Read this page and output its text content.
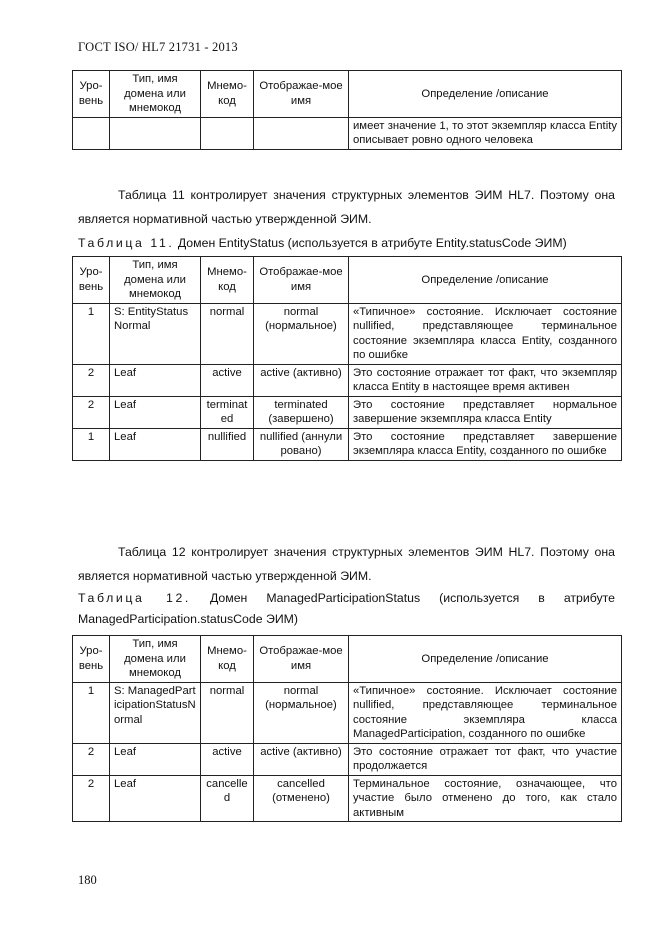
ГОСТ ISO/ HL7 21731 - 2013
Уро-вень	Тип, имя домена или мнемокод	Мнемо-код	Отображае-мое имя	Определение /описание
				имеет значение 1, то этот экземпляр класса Entity описывает ровно одного человека
Таблица 11 контролирует значения структурных элементов ЭИМ HL7. Поэтому она является нормативной частью утвержденной ЭИМ.
Таблица 11. Домен EntityStatus (используется в атрибуте Entity.statusCode ЭИМ)
Уро-вень	Тип, имя домена или мнемокод	Мнемо-код	Отображае-мое имя	Определение /описание
1	S: EntityStatusNormal	normal	normal (нормальное)	«Типичное» состояние. Исключает состояние nullified, представляющее терминальное состояние экземпляра класса Entity, созданного по ошибке
2	Leaf	active	active (активно)	Это состояние отражает тот факт, что экземпляр класса Entity в настоящее время активен
2	Leaf	terminated	terminated (завершено)	Это состояние представляет нормальное завершение экземпляра класса Entity
1	Leaf	nullified	nullified (аннулировано)	Это состояние представляет завершение экземпляра класса Entity, созданного по ошибке
Таблица 12 контролирует значения структурных элементов ЭИМ HL7. Поэтому она является нормативной частью утвержденной ЭИМ.
Таблица 12. Домен ManagedParticipationStatus (используется в атрибуте ManagedParticipation.statusCode ЭИМ)
Уро-вень	Тип, имя домена или мнемокод	Мнемо-код	Отображае-мое имя	Определение /описание
1	S: ManagedParticipationStatusNormal	normal	normal (нормальное)	«Типичное» состояние. Исключает состояние nullified, представляющее терминальное состояние экземпляра класса ManagedParticipation, созданного по ошибке
2	Leaf	active	active (активно)	Это состояние отражает тот факт, что участие продолжается
2	Leaf	cancelled	cancelled (отменено)	Терминальное состояние, означающее, что участие было отменено до того, как стало активным
180
